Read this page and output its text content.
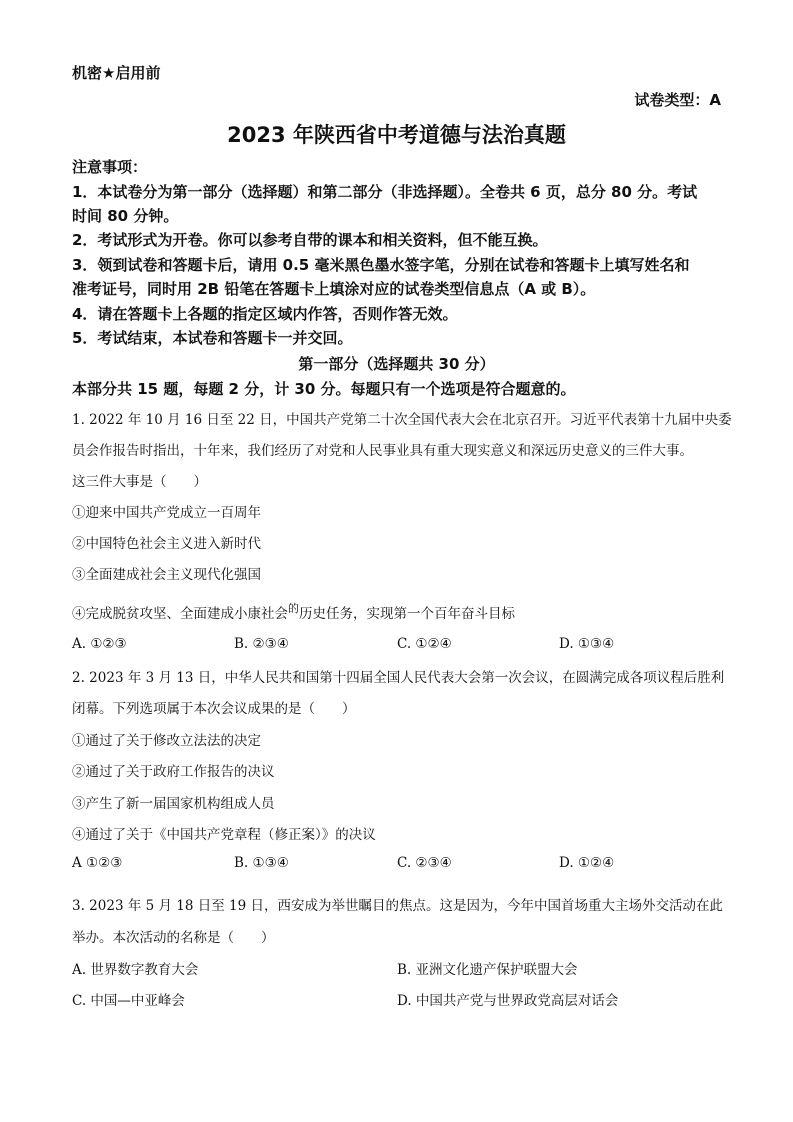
机密★启用前
试卷类型：A
2023 年陕西省中考道德与法治真题
注意事项：
1．本试卷分为第一部分（选择题）和第二部分（非选择题）。全卷共 6 页，总分 80 分。考试
时间 80 分钟。
2．考试形式为开卷。你可以参考自带的课本和相关资料，但不能互换。
3．领到试卷和答题卡后，请用 0.5 毫米黑色墨水签字笔，分别在试卷和答题卡上填写姓名和
准考证号，同时用 2B 铅笔在答题卡上填涂对应的试卷类型信息点（A 或 B）。
4．请在答题卡上各题的指定区域内作答，否则作答无效。
5．考试结束，本试卷和答题卡一并交回。
第一部分（选择题共 30 分）
本部分共 15 题，每题 2 分，计 30 分。每题只有一个选项是符合题意的。
1. 2022 年 10 月 16 日至 22 日，中国共产党第二十次全国代表大会在北京召开。习近平代表第十九届中央委
员会作报告时指出，十年来，我们经历了对党和人民事业具有重大现实意义和深远历史意义的三件大事。
这三件大事是（　　）
①迎来中国共产党成立一百周年
②中国特色社会主义进入新时代
③全面建成社会主义现代化强国
④完成脱贫攻坚、全面建成小康社会$^的$历史任务，实现第一个百年奋斗目标
A. ①②③	B. ②③④	C. ①②④	D. ①③④
2. 2023 年 3 月 13 日，中华人民共和国第十四届全国人民代表大会第一次会议，在圆满完成各项议程后胜利
闭幕。下列选项属于本次会议成果的是（　　）
①通过了关于修改立法法的决定
②通过了关于政府工作报告的决议
③产生了新一届国家机构组成人员
④通过了关于《中国共产党章程（修正案）》的决议
A ①②③	B. ①③④	C. ②③④	D. ①②④
3. 2023 年 5 月 18 日至 19 日，西安成为举世瞩目的焦点。这是因为，今年中国首场重大主场外交活动在此
举办。本次活动的名称是（　　）
A. 世界数字教育大会	B. 亚洲文化遗产保护联盟大会
C. 中国—中亚峰会	D. 中国共产党与世界政党高层对话会
